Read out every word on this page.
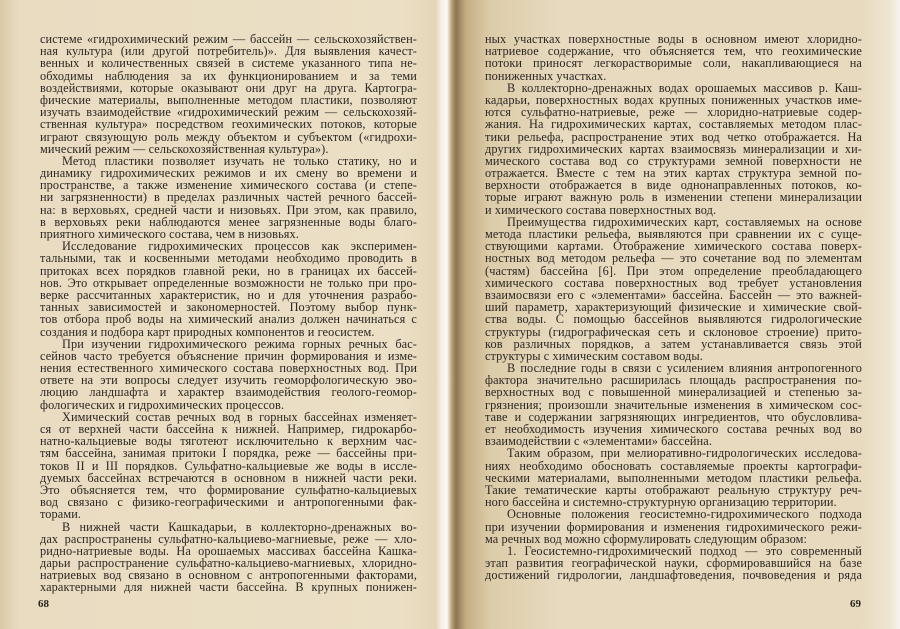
системе «гидрохимический режим — бассейн — сельскохозяйствен-
ная культура (или другой потребитель)». Для выявления качест-
венных и количественных связей в системе указанного типа не-
обходимы наблюдения за их функционированием и за теми
воздействиями, которые оказывают они друг на друга. Картогра-
фические материалы, выполненные методом пластики, позволяют
изучать взаимодействие «гидрохимический режим — сельскохозяй-
ственная культура» посредством геохимических потоков, которые
играют связующую роль между объектом и субъектом («гидрохи-
мический режим — сельскохозяйственная культура»).
Метод пластики позволяет изучать не только статику, но и
динамику гидрохимических режимов и их смену во времени и
пространстве, а также изменение химического состава (и степе-
ни загрязненности) в пределах различных частей речного бассей-
на: в верховьях, средней части и низовьях. При этом, как правило,
в верховьях реки наблюдаются менее загрязненные воды благо-
приятного химического состава, чем в низовьях.
Исследование гидрохимических процессов как эксперимен-
тальными, так и косвенными методами необходимо проводить в
притоках всех порядков главной реки, но в границах их бассей-
нов. Это открывает определенные возможности не только при про-
верке рассчитанных характеристик, но и для уточнения разрабо-
танных зависимостей и закономерностей. Поэтому выбор пунк-
тов отбора проб воды на химический анализ должен начинаться с
создания и подбора карт природных компонентов и геосистем.
При изучении гидрохимического режима горных речных бас-
сейнов часто требуется объяснение причин формирования и изме-
нения естественного химического состава поверхностных вод. При
ответе на эти вопросы следует изучить геоморфологическую эво-
люцию ландшафта и характер взаимодействия геолого-геомор-
фологических и гидрохимических процессов.
Химический состав речных вод в горных бассейнах изменяет-
ся от верхней части бассейна к нижней. Например, гидрокарбо-
натно-кальциевые воды тяготеют исключительно к верхним час-
тям бассейна, занимая притоки I порядка, реже — бассейны при-
токов II и III порядков. Сульфатно-кальциевые же воды в иссле-
дуемых бассейнах встречаются в основном в нижней части реки.
Это объясняется тем, что формирование сульфатно-кальциевых
вод связано с физико-географическими и антропогенными фак-
торами.
В нижней части Кашкадарьи, в коллекторно-дренажных во-
дах распространены сульфатно-кальциево-магниевые, реже — хло-
ридно-натриевые воды. На орошаемых массивах бассейна Кашка-
дарьи распространение сульфатно-кальциево-магниевых, хлоридно-
натриевых вод связано в основном с антропогенными факторами,
характерными для нижней части бассейна. В крупных понижен-
ных участках поверхностные воды в основном имеют хлоридно-
натриевое содержание, что объясняется тем, что геохимические
потоки приносят легкорастворимые соли, накапливающиеся на
пониженных участках.
В коллекторно-дренажных водах орошаемых массивов р. Каш-
кадарьи, поверхностных водах крупных пониженных участков име-
ются сульфатно-натриевые, реже — хлоридно-натриевые содер-
жания. На гидрохимических картах, составляемых методом плас-
тики рельефа, распространение этих вод четко отображается. На
других гидрохимических картах взаимосвязь минерализации и хи-
мического состава вод со структурами земной поверхности не
отражается. Вместе с тем на этих картах структура земной по-
верхности отображается в виде однонаправленных потоков, ко-
торые играют важную роль в изменении степени минерализации
и химического состава поверхностных вод.
Преимущества гидрохимических карт, составляемых на основе
метода пластики рельефа, выявляются при сравнении их с суще-
ствующими картами. Отображение химического состава поверх-
ностных вод методом рельефа — это сочетание вод по элементам
(частям) бассейна [6]. При этом определение преобладающего
химического состава поверхностных вод требует установления
взаимосвязи его с «элементами» бассейна. Бассейн — это важней-
ший параметр, характеризующий физические и химические свой-
ства воды. С помощью бассейнов выявляются гидрологические
структуры (гидрографическая сеть и склоновое строение) прито-
ков различных порядков, а затем устанавливается связь этой
структуры с химическим составом воды.
В последние годы в связи с усилением влияния антропогенного
фактора значительно расширилась площадь распространения по-
верхностных вод с повышенной минерализацией и степенью за-
грязнения; произошли значительные изменения в химическом сос-
таве и содержании загрязняющих ингредиентов, что обусловлива-
ет необходимость изучения химического состава речных вод во
взаимодействии с «элементами» бассейна.
Таким образом, при мелиоративно-гидрологических исследова-
ниях необходимо обосновать составляемые проекты картографи-
ческими материалами, выполненными методом пластики рельефа.
Такие тематические карты отображают реальную структуру реч-
ного бассейна и системно-структурную организацию территории.
Основные положения геосистемно-гидрохимического подхода
при изучении формирования и изменения гидрохимического режи-
ма речных вод можно сформулировать следующим образом:
1. Геосистемно-гидрохимический подход — это современный
этап развития географической науки, сформировавшийся на базе
достижений гидрологии, ландшафтоведения, почвоведения и ряда
68	69
